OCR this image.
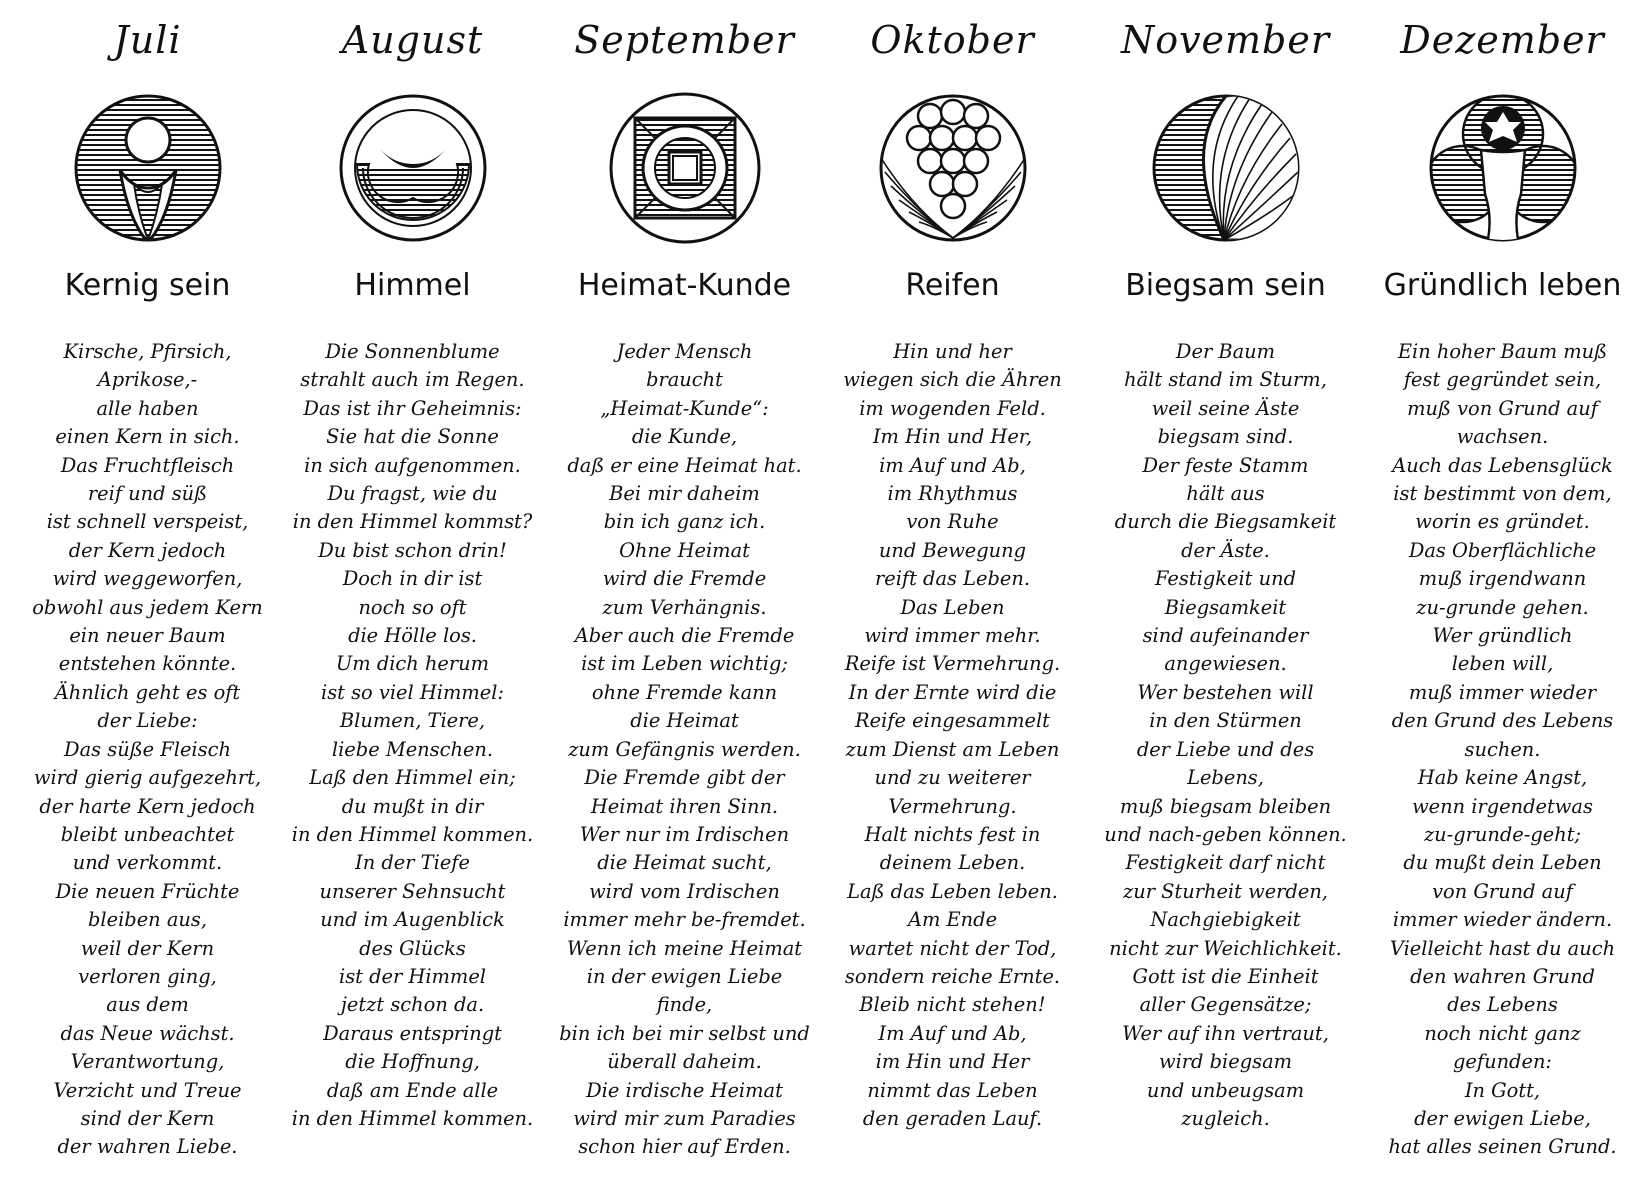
Juli
Kernig sein
Kirsche, Pfirsich,
Aprikose,-
alle haben
einen Kern in sich.
Das Fruchtfleisch
reif und süß
ist schnell verspeist,
der Kern jedoch
wird weggeworfen,
obwohl aus jedem Kern
ein neuer Baum
entstehen könnte.
Ähnlich geht es oft
der Liebe:
Das süße Fleisch
wird gierig aufgezehrt,
der harte Kern jedoch
bleibt unbeachtet
und verkommt.
Die neuen Früchte
bleiben aus,
weil der Kern
verloren ging,
aus dem
das Neue wächst.
Verantwortung,
Verzicht und Treue
sind der Kern
der wahren Liebe.
August
Himmel
Die Sonnenblume
strahlt auch im Regen.
Das ist ihr Geheimnis:
Sie hat die Sonne
in sich aufgenommen.
Du fragst, wie du
in den Himmel kommst?
Du bist schon drin!
Doch in dir ist
noch so oft
die Hölle los.
Um dich herum
ist so viel Himmel:
Blumen, Tiere,
liebe Menschen.
Laß den Himmel ein;
du mußt in dir
in den Himmel kommen.
In der Tiefe
unserer Sehnsucht
und im Augenblick
des Glücks
ist der Himmel
jetzt schon da.
Daraus entspringt
die Hoffnung,
daß am Ende alle
in den Himmel kommen.
September
Heimat-Kunde
Jeder Mensch
braucht
„Heimat-Kunde“:
die Kunde,
daß er eine Heimat hat.
Bei mir daheim
bin ich ganz ich.
Ohne Heimat
wird die Fremde
zum Verhängnis.
Aber auch die Fremde
ist im Leben wichtig;
ohne Fremde kann
die Heimat
zum Gefängnis werden.
Die Fremde gibt der
Heimat ihren Sinn.
Wer nur im Irdischen
die Heimat sucht,
wird vom Irdischen
immer mehr be-fremdet.
Wenn ich meine Heimat
in der ewigen Liebe
finde,
bin ich bei mir selbst und
überall daheim.
Die irdische Heimat
wird mir zum Paradies
schon hier auf Erden.
Oktober
Reifen
Hin und her
wiegen sich die Ähren
im wogenden Feld.
Im Hin und Her,
im Auf und Ab,
im Rhythmus
von Ruhe
und Bewegung
reift das Leben.
Das Leben
wird immer mehr.
Reife ist Vermehrung.
In der Ernte wird die
Reife eingesammelt
zum Dienst am Leben
und zu weiterer
Vermehrung.
Halt nichts fest in
deinem Leben.
Laß das Leben leben.
Am Ende
wartet nicht der Tod,
sondern reiche Ernte.
Bleib nicht stehen!
Im Auf und Ab,
im Hin und Her
nimmt das Leben
den geraden Lauf.
November
Biegsam sein
Der Baum
hält stand im Sturm,
weil seine Äste
biegsam sind.
Der feste Stamm
hält aus
durch die Biegsamkeit
der Äste.
Festigkeit und
Biegsamkeit
sind aufeinander
angewiesen.
Wer bestehen will
in den Stürmen
der Liebe und des
Lebens,
muß biegsam bleiben
und nach-geben können.
Festigkeit darf nicht
zur Sturheit werden,
Nachgiebigkeit
nicht zur Weichlichkeit.
Gott ist die Einheit
aller Gegensätze;
Wer auf ihn vertraut,
wird biegsam
und unbeugsam
zugleich.
Dezember
Gründlich leben
Ein hoher Baum muß
fest gegründet sein,
muß von Grund auf
wachsen.
Auch das Lebensglück
ist bestimmt von dem,
worin es gründet.
Das Oberflächliche
muß irgendwann
zu-grunde gehen.
Wer gründlich
leben will,
muß immer wieder
den Grund des Lebens
suchen.
Hab keine Angst,
wenn irgendetwas
zu-grunde-geht;
du mußt dein Leben
von Grund auf
immer wieder ändern.
Vielleicht hast du auch
den wahren Grund
des Lebens
noch nicht ganz
gefunden:
In Gott,
der ewigen Liebe,
hat alles seinen Grund.
